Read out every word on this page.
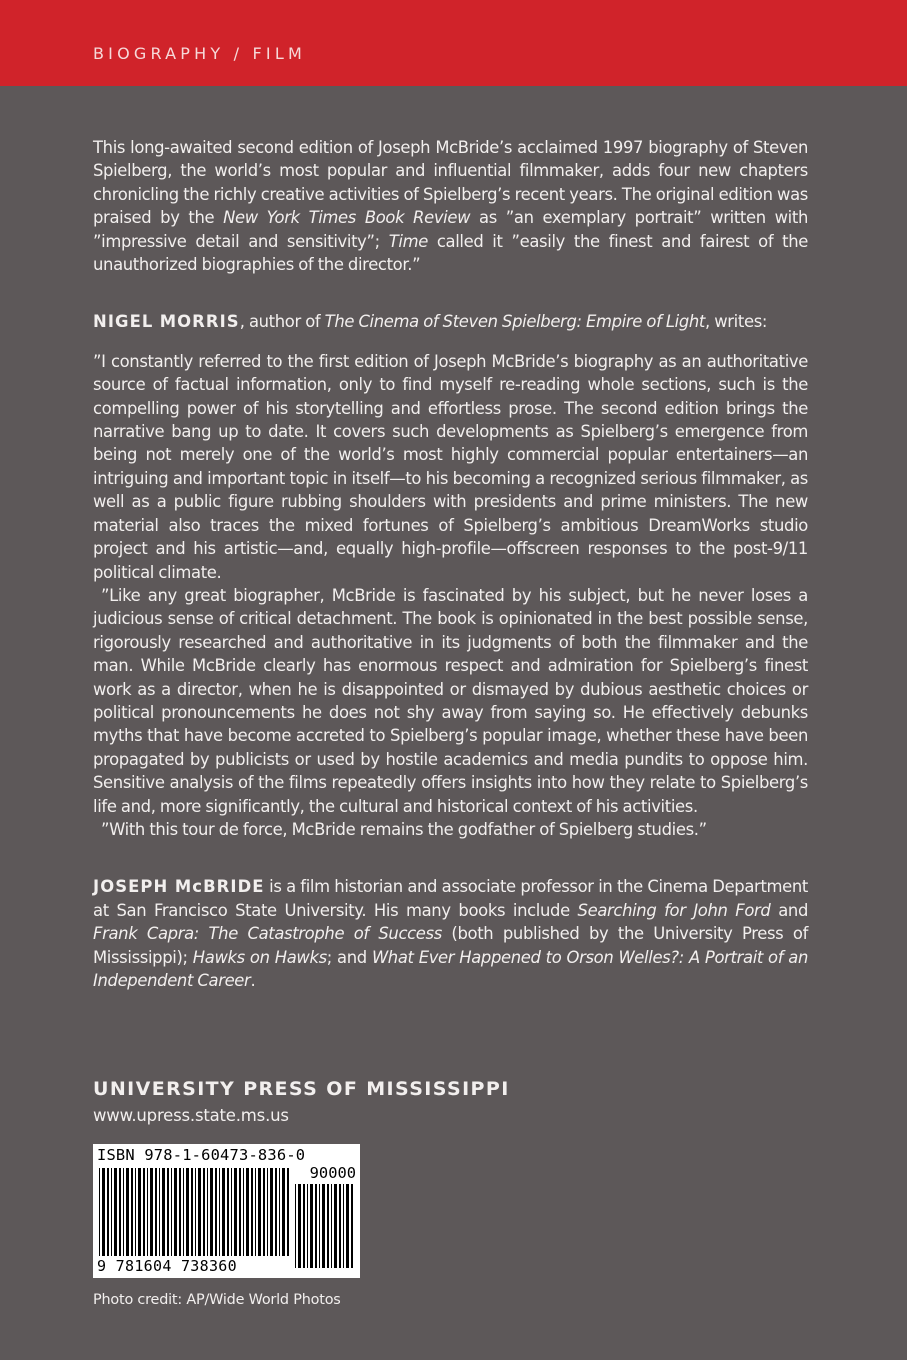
BIOGRAPHY / FILM

This long-awaited second edition of Joseph McBride’s acclaimed 1997 biography of Steven Spielberg, the world’s most popular and influential filmmaker, adds four new chapters chronicling the richly creative activities of Spielberg’s recent years. The original edition was praised by the New York Times Book Review as ”an exemplary portrait” written with ”impressive detail and sensitivity”; Time called it ”easily the finest and fairest of the unauthorized biographies of the director.”

NIGEL MORRIS, author of The Cinema of Steven Spielberg: Empire of Light, writes:

”I constantly referred to the first edition of Joseph McBride’s biography as an authoritative source of factual information, only to find myself re-reading whole sections, such is the compelling power of his storytelling and effortless prose. The second edition brings the narrative bang up to date. It covers such developments as Spielberg’s emergence from being not merely one of the world’s most highly commercial popular entertainers—an intriguing and important topic in itself—to his becoming a recognized serious filmmaker, as well as a public figure rubbing shoulders with presidents and prime ministers. The new material also traces the mixed fortunes of Spielberg’s ambitious DreamWorks studio project and his artistic—and, equally high-profile—offscreen responses to the post-9/11 political climate.

”Like any great biographer, McBride is fascinated by his subject, but he never loses a judicious sense of critical detachment. The book is opinionated in the best possible sense, rigorously researched and authoritative in its judgments of both the filmmaker and the man. While McBride clearly has enormous respect and admiration for Spielberg’s finest work as a director, when he is disappointed or dismayed by dubious aesthetic choices or political pronouncements he does not shy away from saying so. He effectively debunks myths that have become accreted to Spielberg’s popular image, whether these have been propagated by publicists or used by hostile academics and media pundits to oppose him. Sensitive analysis of the films repeatedly offers insights into how they relate to Spielberg’s life and, more significantly, the cultural and historical context of his activities.

”With this tour de force, McBride remains the godfather of Spielberg studies.”

JOSEPH McBRIDE is a film historian and associate professor in the Cinema Department at San Francisco State University. His many books include Searching for John Ford and Frank Capra: The Catastrophe of Success (both published by the University Press of Mississippi); Hawks on Hawks; and What Ever Happened to Orson Welles?: A Portrait of an Independent Career.

UNIVERSITY PRESS OF MISSISSIPPI
www.upress.state.ms.us
ISBN 978-1-60473-836-0
90000
9 781604 738360
Photo credit: AP/Wide World Photos
